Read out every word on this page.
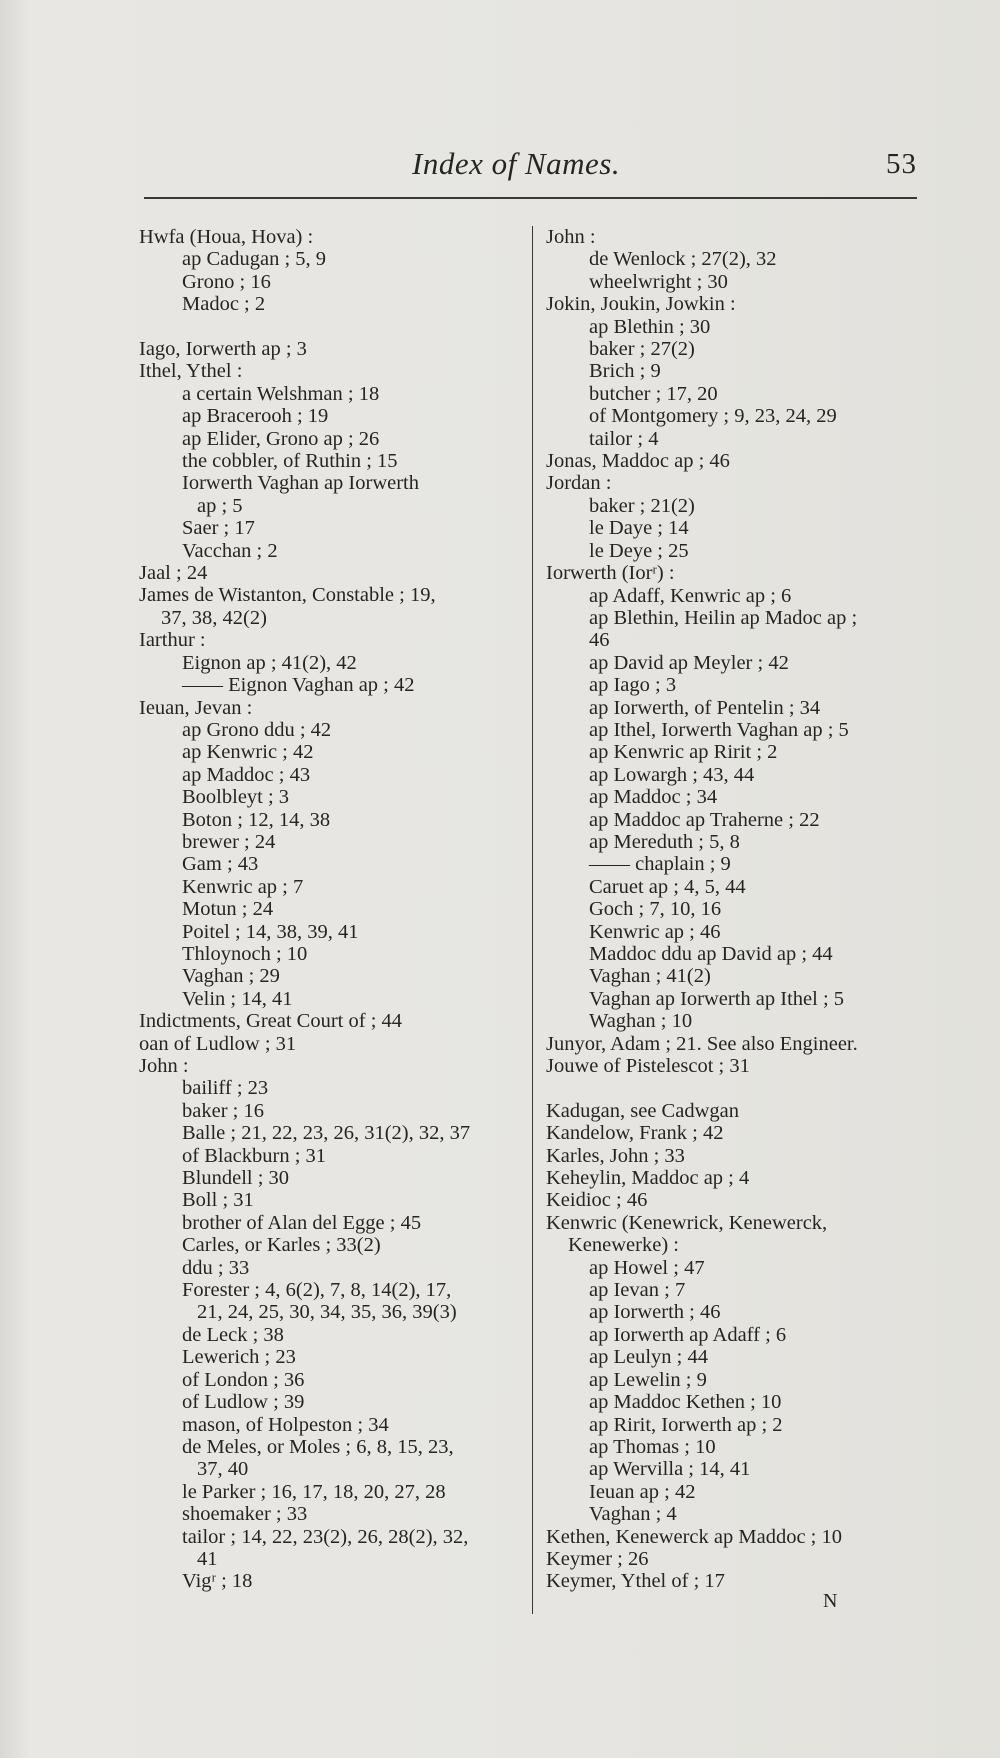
Index of Names.	53
Hwfa (Houa, Hova) :
ap Cadugan ; 5, 9
Grono ; 16
Madoc ; 2
Iago, Iorwerth ap ; 3
Ithel, Ythel :
a certain Welshman ; 18
ap Bracerooh ; 19
ap Elider, Grono ap ; 26
the cobbler, of Ruthin ; 15
Iorwerth Vaghan ap Iorwerth
ap ; 5
Saer ; 17
Vacchan ; 2
Jaal ; 24
James de Wistanton, Constable ; 19,
37, 38, 42(2)
Iarthur :
Eignon ap ; 41(2), 42
—— Eignon Vaghan ap ; 42
Ieuan, Jevan :
ap Grono ddu ; 42
ap Kenwric ; 42
ap Maddoc ; 43
Boolbleyt ; 3
Boton ; 12, 14, 38
brewer ; 24
Gam ; 43
Kenwric ap ; 7
Motun ; 24
Poitel ; 14, 38, 39, 41
Thloynoch ; 10
Vaghan ; 29
Velin ; 14, 41
Indictments, Great Court of ; 44
oan of Ludlow ; 31
John :
bailiff ; 23
baker ; 16
Balle ; 21, 22, 23, 26, 31(2), 32, 37
of Blackburn ; 31
Blundell ; 30
Boll ; 31
brother of Alan del Egge ; 45
Carles, or Karles ; 33(2)
ddu ; 33
Forester ; 4, 6(2), 7, 8, 14(2), 17,
21, 24, 25, 30, 34, 35, 36, 39(3)
de Leck ; 38
Lewerich ; 23
of London ; 36
of Ludlow ; 39
mason, of Holpeston ; 34
de Meles, or Moles ; 6, 8, 15, 23,
37, 40
le Parker ; 16, 17, 18, 20, 27, 28
shoemaker ; 33
tailor ; 14, 22, 23(2), 26, 28(2), 32,
41
Vigʳ ; 18
John :
de Wenlock ; 27(2), 32
wheelwright ; 30
Jokin, Joukin, Jowkin :
ap Blethin ; 30
baker ; 27(2)
Brich ; 9
butcher ; 17, 20
of Montgomery ; 9, 23, 24, 29
tailor ; 4
Jonas, Maddoc ap ; 46
Jordan :
baker ; 21(2)
le Daye ; 14
le Deye ; 25
Iorwerth (Iorʳ) :
ap Adaff, Kenwric ap ; 6
ap Blethin, Heilin ap Madoc ap ;
46
ap David ap Meyler ; 42
ap Iago ; 3
ap Iorwerth, of Pentelin ; 34
ap Ithel, Iorwerth Vaghan ap ; 5
ap Kenwric ap Ririt ; 2
ap Lowargh ; 43, 44
ap Maddoc ; 34
ap Maddoc ap Traherne ; 22
ap Mereduth ; 5, 8
—— chaplain ; 9
Caruet ap ; 4, 5, 44
Goch ; 7, 10, 16
Kenwric ap ; 46
Maddoc ddu ap David ap ; 44
Vaghan ; 41(2)
Vaghan ap Iorwerth ap Ithel ; 5
Waghan ; 10
Junyor, Adam ; 21. See also Engineer.
Jouwe of Pistelescot ; 31
Kadugan, see Cadwgan
Kandelow, Frank ; 42
Karles, John ; 33
Keheylin, Maddoc ap ; 4
Keidioc ; 46
Kenwric (Kenewrick, Kenewerck,
Kenewerke) :
ap Howel ; 47
ap Ievan ; 7
ap Iorwerth ; 46
ap Iorwerth ap Adaff ; 6
ap Leulyn ; 44
ap Lewelin ; 9
ap Maddoc Kethen ; 10
ap Ririt, Iorwerth ap ; 2
ap Thomas ; 10
ap Wervilla ; 14, 41
Ieuan ap ; 42
Vaghan ; 4
Kethen, Kenewerck ap Maddoc ; 10
Keymer ; 26
Keymer, Ythel of ; 17
N
